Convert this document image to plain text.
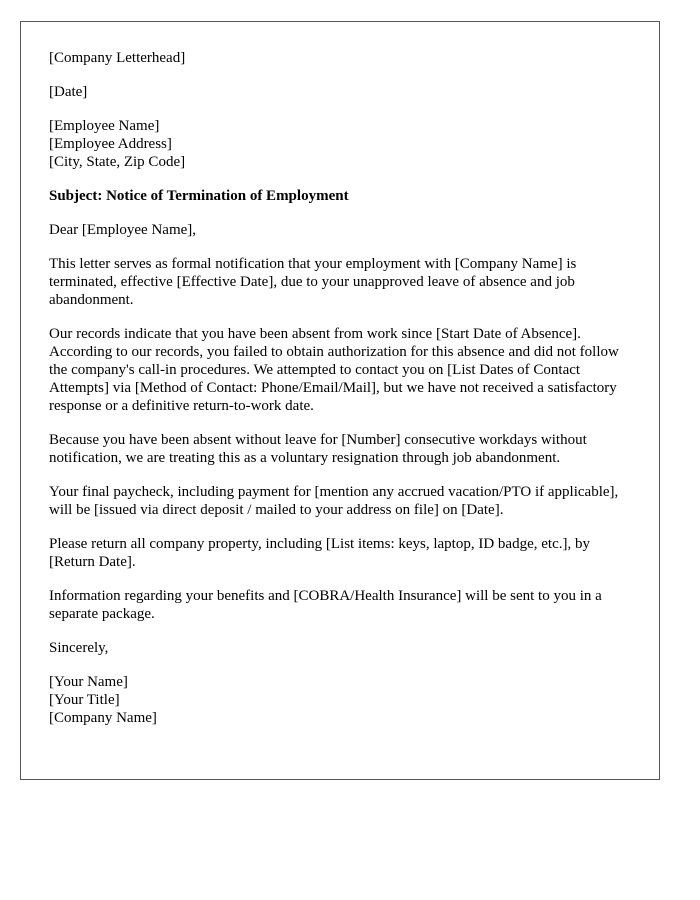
[Company Letterhead]

[Date]

[Employee Name]
[Employee Address]
[City, State, Zip Code]

Subject: Notice of Termination of Employment

Dear [Employee Name],

This letter serves as formal notification that your employment with [Company Name] is terminated, effective [Effective Date], due to your unapproved leave of absence and job abandonment.

Our records indicate that you have been absent from work since [Start Date of Absence]. According to our records, you failed to obtain authorization for this absence and did not follow the company's call-in procedures. We attempted to contact you on [List Dates of Contact Attempts] via [Method of Contact: Phone/Email/Mail], but we have not received a satisfactory response or a definitive return-to-work date.

Because you have been absent without leave for [Number] consecutive workdays without notification, we are treating this as a voluntary resignation through job abandonment.

Your final paycheck, including payment for [mention any accrued vacation/PTO if applicable], will be [issued via direct deposit / mailed to your address on file] on [Date].

Please return all company property, including [List items: keys, laptop, ID badge, etc.], by [Return Date].

Information regarding your benefits and [COBRA/Health Insurance] will be sent to you in a separate package.

Sincerely,

[Your Name]
[Your Title]
[Company Name]
